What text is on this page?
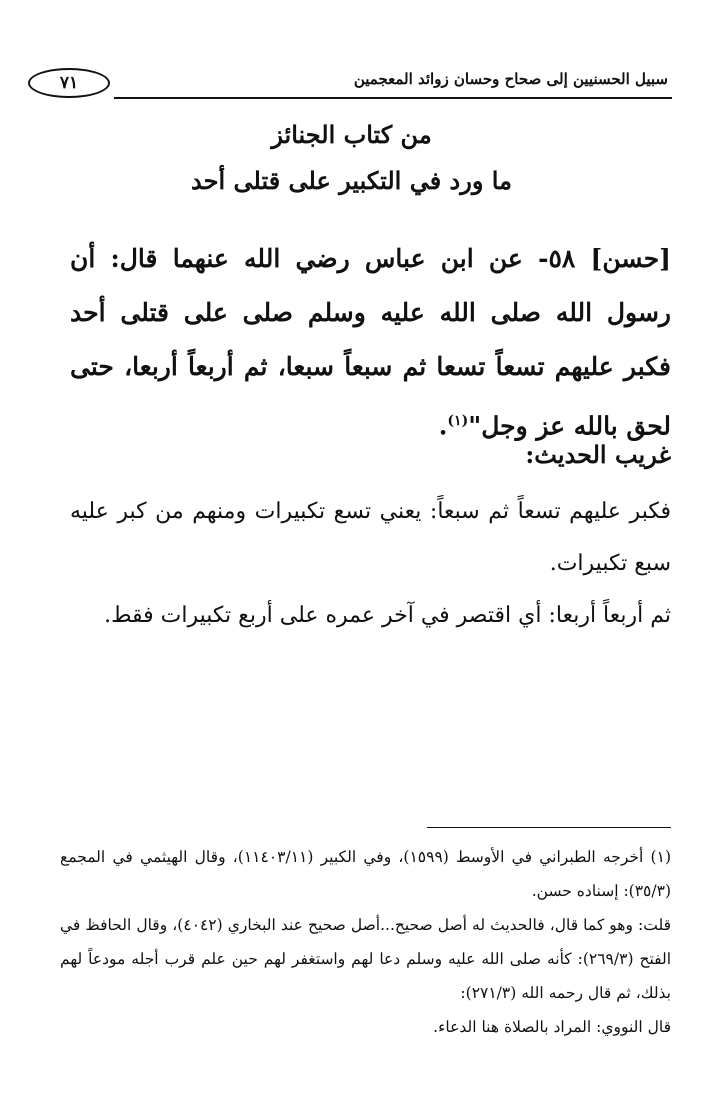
٧١	سبيل الحسنيين إلى صحاح وحسان زوائد المعجمين
من كتاب الجنائز
ما ورد في التكبير على قتلى أحد

[حسن] ٥٨- عن ابن عباس رضي الله عنهما قال: أن رسول الله صلى الله عليه وسلم صلى على قتلى أحد فكبر عليهم تسعاً تسعا ثم سبعاً سبعا، ثم أربعاً أربعا، حتى لحق بالله عز وجل"$^{(١)}$.

غريب الحديث:

فكبر عليهم تسعاً ثم سبعاً: يعني تسع تكبيرات ومنهم من كبر عليه سبع تكبيرات.

ثم أربعاً أربعا: أي اقتصر في آخر عمره على أربع تكبيرات فقط.

(١) أخرجه الطبراني في الأوسط (١٥٩٩)، وفي الكبير (١١٤٠٣/١١)، وقال الهيثمي في المجمع (٣٥/٣): إسناده حسن.

قلت: وهو كما قال، فالحديث له أصل صحيح...أصل صحيح عند البخاري (٤٠٤٢)، وقال الحافظ في الفتح (٢٦٩/٣): كأنه صلى الله عليه وسلم دعا لهم واستغفر لهم حين علم قرب أجله مودعاً لهم بذلك، ثم قال رحمه الله (٢٧١/٣):

قال النووي: المراد بالصلاة هنا الدعاء.
